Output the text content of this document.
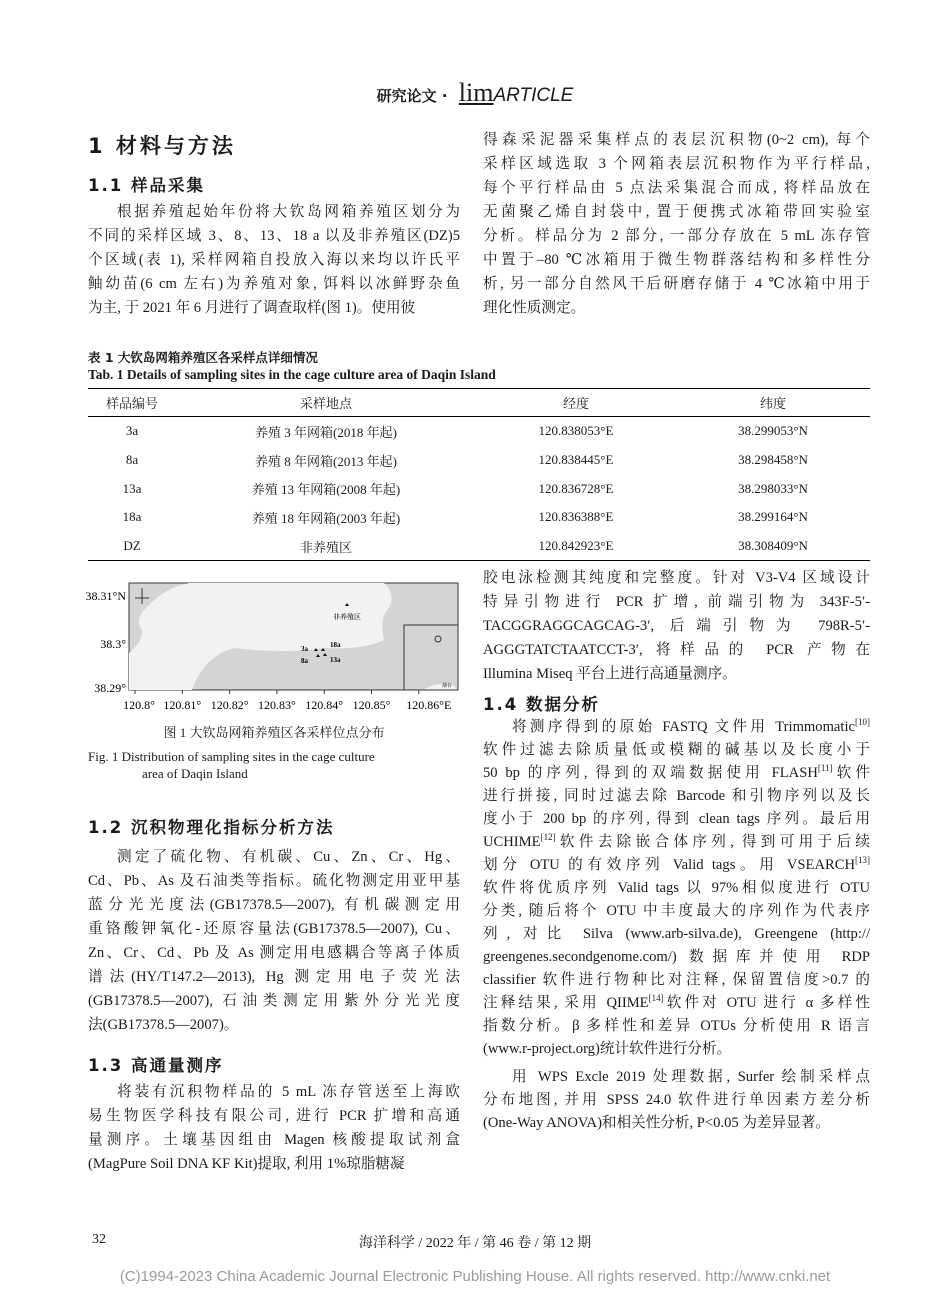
研究论文 · limARTICLE
1 材料与方法
1.1 样品采集
根据养殖起始年份将大钦岛网箱养殖区划分为
不同的采样区域 3、8、13、18 a 以及非养殖区(DZ)5
个区域(表 1), 采样网箱自投放入海以来均以许氏平
鲉幼苗(6 cm 左右)为养殖对象, 饵料以冰鲜野杂鱼
为主, 于 2021 年 6 月进行了调查取样(图 1)。使用彼
得森采泥器采集样点的表层沉积物(0~2 cm), 每个
采样区域选取 3 个网箱表层沉积物作为平行样品,
每个平行样品由 5 点法采集混合而成, 将样品放在
无菌聚乙烯自封袋中, 置于便携式冰箱带回实验室
分析。样品分为 2 部分, 一部分存放在 5 mL 冻存管
中置于–80 ℃冰箱用于微生物群落结构和多样性分
析, 另一部分自然风干后研磨存储于 4 ℃冰箱中用于
理化性质测定。
表 1 大钦岛网箱养殖区各采样点详细情况
Tab. 1 Details of sampling sites in the cage culture area of Daqin Island
样品编号	采样地点	经度	纬度
3a	养殖 3 年网箱(2018 年起)	120.838053°E	38.299053°N
8a	养殖 8 年网箱(2013 年起)	120.838445°E	38.298458°N
13a	养殖 13 年网箱(2008 年起)	120.836728°E	38.298033°N
18a	养殖 18 年网箱(2003 年起)	120.836388°E	38.299164°N
DZ	非养殖区	120.842923°E	38.308409°N
3a
8a
18a
13a
非养殖区
烟台
38.31°N
38.3°
38.29°
120.8° 120.81° 120.82° 120.83° 120.84° 120.85° 120.86°E
图 1 大钦岛网箱养殖区各采样位点分布
Fig. 1 Distribution of sampling sites in the cage culture
area of Daqin Island
1.2 沉积物理化指标分析方法
测定了硫化物、有机碳、Cu、Zn、Cr、Hg、
Cd、Pb、As 及石油类等指标。硫化物测定用亚甲基
蓝分光光度法(GB17378.5—2007), 有机碳测定用
重铬酸钾氧化-还原容量法(GB17378.5—2007), Cu、
Zn、Cr、Cd、Pb 及 As 测定用电感耦合等离子体质
谱法(HY/T147.2—2013), Hg 测定用电子荧光法
(GB17378.5—2007), 石油类测定用紫外分光光度
法(GB17378.5—2007)。
1.3 高通量测序
将装有沉积物样品的 5 mL 冻存管送至上海欧
易生物医学科技有限公司, 进行 PCR 扩增和高通
量测序。土壤基因组由 Magen 核酸提取试剂盒
(MagPure Soil DNA KF Kit)提取, 利用 1%琼脂糖凝
胶电泳检测其纯度和完整度。针对 V3-V4 区域设计
特异引物进行 PCR 扩增, 前端引物为 343F-5′-
TACGGRAGGCAGCAG-3′, 后端引物为 798R-5′-
AGGGTATCTAATCCT-3′, 将样品的 PCR 产物在
Illumina Miseq 平台上进行高通量测序。
1.4 数据分析
将测序得到的原始 FASTQ 文件用 Trimmomatic[10]
软件过滤去除质量低或模糊的碱基以及长度小于
50 bp 的序列, 得到的双端数据使用 FLASH[11]软件
进行拼接, 同时过滤去除 Barcode 和引物序列以及长
度小于 200 bp 的序列, 得到 clean tags 序列。最后用
UCHIME[12]软件去除嵌合体序列, 得到可用于后续
划分 OTU 的有效序列 Valid tags。用 VSEARCH[13]
软件将优质序列 Valid tags 以 97%相似度进行 OTU
分类, 随后将个 OTU 中丰度最大的序列作为代表序
列, 对比 Silva (www.arb-silva.de), Greengene (http://
greengenes.secondgenome.com/) 数据库并使用 RDP
classifier 软件进行物种比对注释, 保留置信度>0.7 的
注释结果, 采用 QIIME[14]软件对 OTU 进行 α 多样性
指数分析。β 多样性和差异 OTUs 分析使用 R 语言
(www.r-project.org)统计软件进行分析。
用 WPS Excle 2019 处理数据, Surfer 绘制采样点
分布地图, 并用 SPSS 24.0 软件进行单因素方差分析
(One-Way ANOVA)和相关性分析, P<0.05 为差异显著。
32	海洋科学 / 2022 年 / 第 46 卷 / 第 12 期
(C)1994-2023 China Academic Journal Electronic Publishing House. All rights reserved. http://www.cnki.net
